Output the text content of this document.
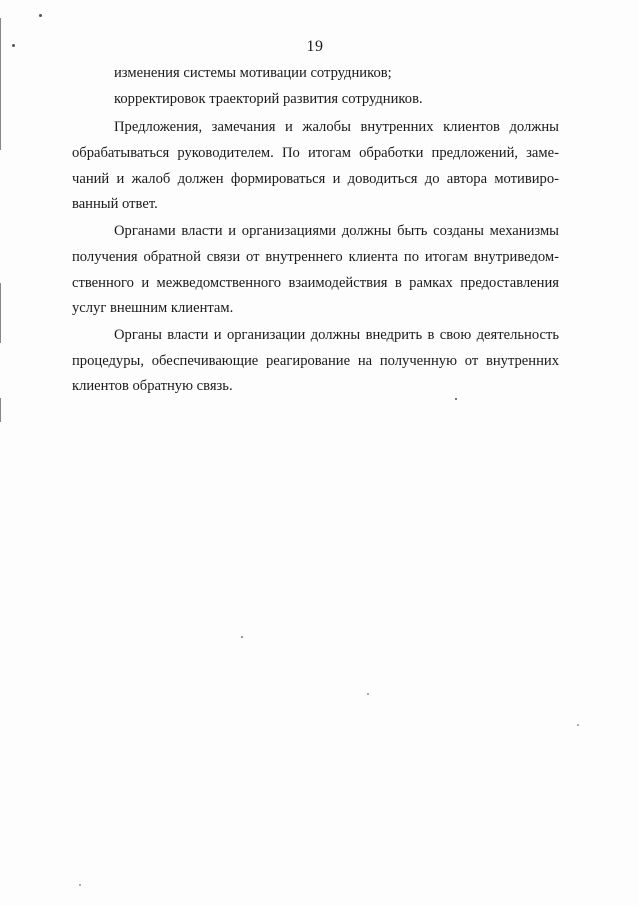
19
изменения системы мотивации сотрудников;
корректировок траекторий развития сотрудников.
Предложения, замечания и жалобы внутренних клиентов должны
обрабатываться руководителем. По итогам обработки предложений, заме-
чаний и жалоб должен формироваться и доводиться до автора мотивиро-
ванный ответ.
Органами власти и организациями должны быть созданы механизмы
получения обратной связи от внутреннего клиента по итогам внутриведом-
ственного и межведомственного взаимодействия в рамках предоставления
услуг внешним клиентам.
Органы власти и организации должны внедрить в свою деятельность
процедуры, обеспечивающие реагирование на полученную от внутренних
клиентов обратную связь.
